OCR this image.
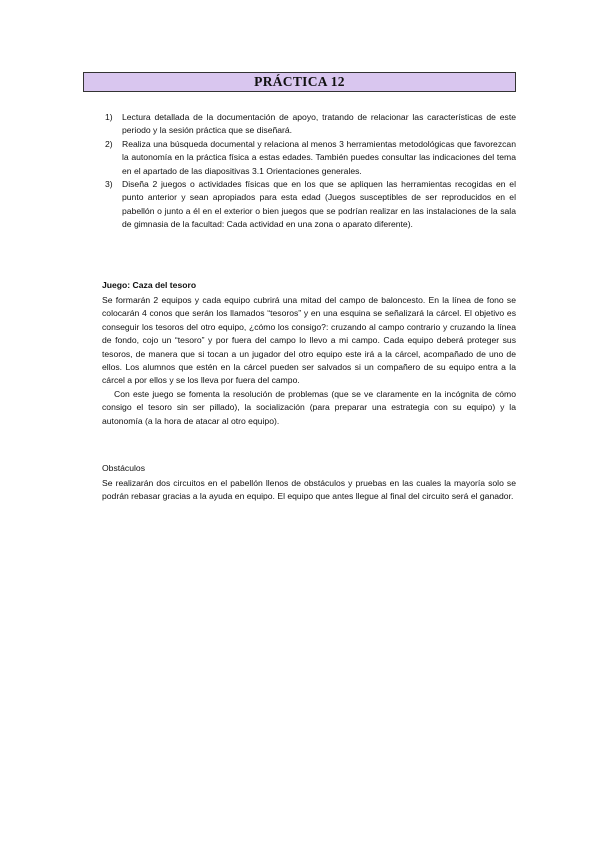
PRÁCTICA 12
1) Lectura detallada de la documentación de apoyo, tratando de relacionar las características de este periodo y la sesión práctica que se diseñará.
2) Realiza una búsqueda documental y relaciona al menos 3 herramientas metodológicas que favorezcan la autonomía en la práctica física a estas edades. También puedes consultar las indicaciones del tema en el apartado de las diapositivas 3.1 Orientaciones generales.
3) Diseña 2 juegos o actividades físicas que en los que se apliquen las herramientas recogidas en el punto anterior y sean apropiados para esta edad (Juegos susceptibles de ser reproducidos en el pabellón o junto a él en el exterior o bien juegos que se podrían realizar en las instalaciones de la sala de gimnasia de la facultad: Cada actividad en una zona o aparato diferente).
Juego: Caza del tesoro

Se formarán 2 equipos y cada equipo cubrirá una mitad del campo de baloncesto. En la línea de fono se colocarán 4 conos que serán los llamados “tesoros” y en una esquina se señalizará la cárcel. El objetivo es conseguir los tesoros del otro equipo, ¿cómo los consigo?: cruzando al campo contrario y cruzando la línea de fondo, cojo un “tesoro” y por fuera del campo lo llevo a mi campo. Cada equipo deberá proteger sus tesoros, de manera que si tocan a un jugador del otro equipo este irá a la cárcel, acompañado de uno de ellos. Los alumnos que estén en la cárcel pueden ser salvados si un compañero de su equipo entra a la cárcel a por ellos y se los lleva por fuera del campo.

Con este juego se fomenta la resolución de problemas (que se ve claramente en la incógnita de cómo consigo el tesoro sin ser pillado), la socialización (para preparar una estrategia con su equipo) y la autonomía (a la hora de atacar al otro equipo).

Obstáculos

Se realizarán dos circuitos en el pabellón llenos de obstáculos y pruebas en las cuales la mayoría solo se podrán rebasar gracias a la ayuda en equipo. El equipo que antes llegue al final del circuito será el ganador.
